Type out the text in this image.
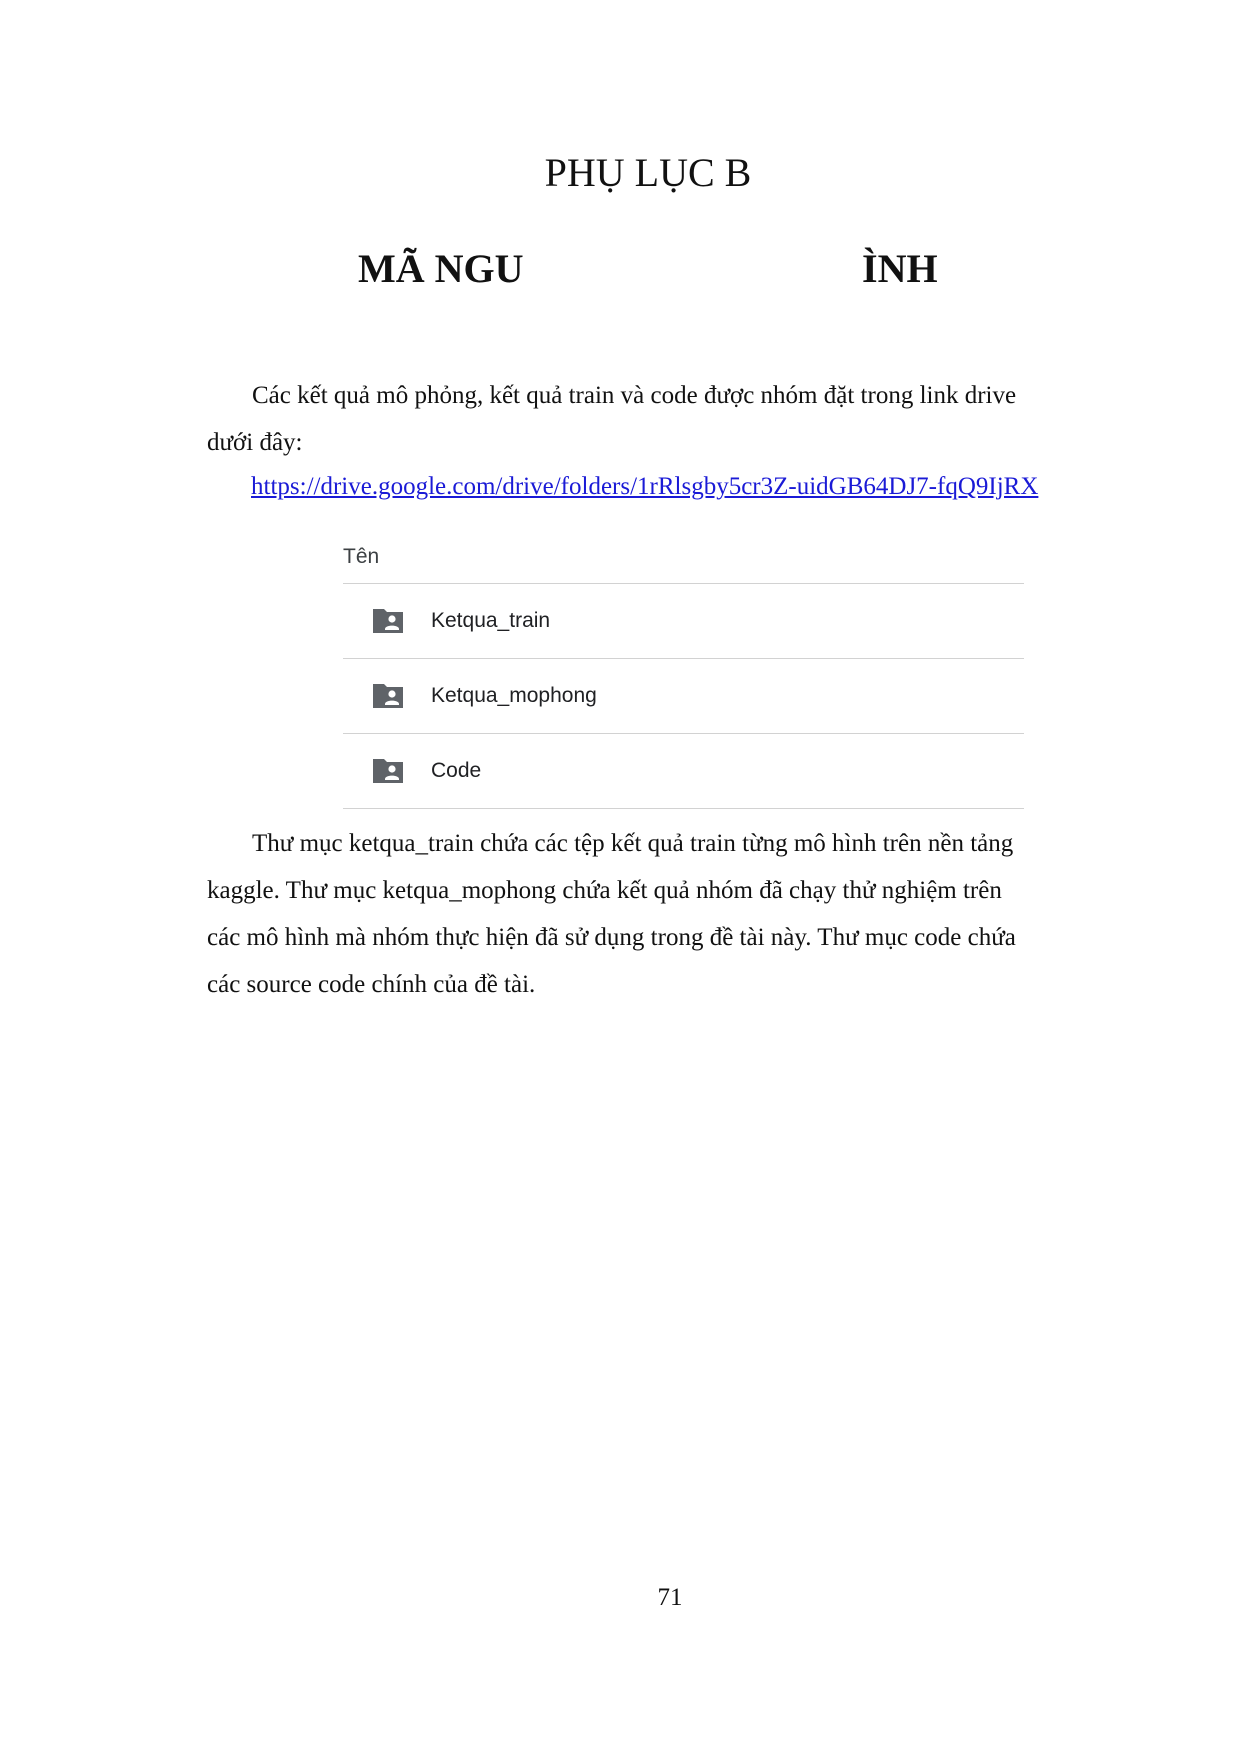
PHỤ LỤC B
MÃ NGU	ÌNH

Các kết quả mô phỏng, kết quả train và code được nhóm đặt trong link drive
dưới đây:

https://drive.google.com/drive/folders/1rRlsgby5cr3Z-uidGB64DJ7-fqQ9IjRX
Tên
Ketqua_train
Ketqua_mophong
Code

Thư mục ketqua_train chứa các tệp kết quả train từng mô hình trên nền tảng
kaggle. Thư mục ketqua_mophong chứa kết quả nhóm đã chạy thử nghiệm trên
các mô hình mà nhóm thực hiện đã sử dụng trong đề tài này. Thư mục code chứa
các source code chính của đề tài.

71
